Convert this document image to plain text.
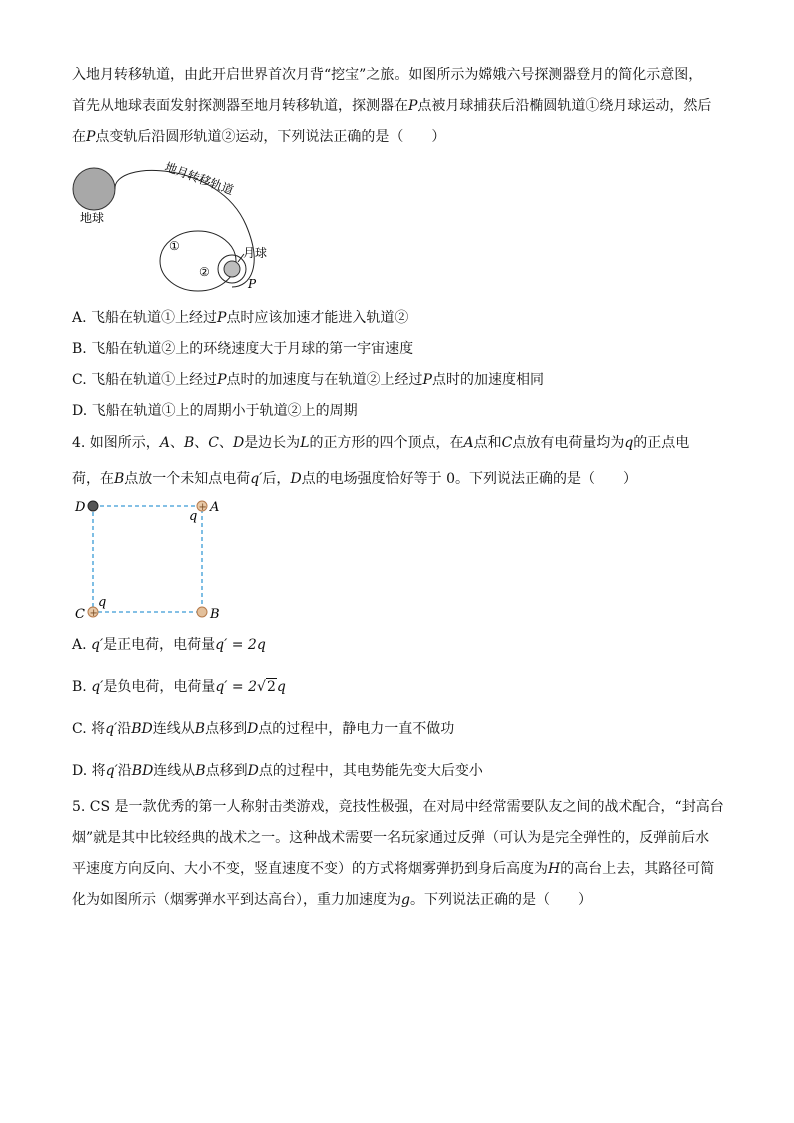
入地月转移轨道，由此开启世界首次月背“挖宝”之旅。如图所示为嫦娥六号探测器登月的简化示意图，
首先从地球表面发射探测器至地月转移轨道，探测器在P点被月球捕获后沿椭圆轨道①绕月球运动，然后
在P点变轨后沿圆形轨道②运动，下列说法正确的是（　　）
地球
地月转移轨道
月球
①
②
P
A. 飞船在轨道①上经过P点时应该加速才能进入轨道②
B. 飞船在轨道②上的环绕速度大于月球的第一宇宙速度
C. 飞船在轨道①上经过P点时的加速度与在轨道②上经过P点时的加速度相同
D. 飞船在轨道①上的周期小于轨道②上的周期
4. 如图所示，A、B、C、D是边长为L的正方形的四个顶点，在A点和C点放有电荷量均为q的正点电
荷，在B点放一个未知点电荷q′后，D点的电场强度恰好等于 0。下列说法正确的是（　　）
+
+
D	A
q
C
q
B
A. q′是正电荷，电荷量q′ = 2q
B. q′是负电荷，电荷量q′ = 2√2q
C. 将q′沿BD连线从B点移到D点的过程中，静电力一直不做功
D. 将q′沿BD连线从B点移到D点的过程中，其电势能先变大后变小
5. CS 是一款优秀的第一人称射击类游戏，竞技性极强，在对局中经常需要队友之间的战术配合，“封高台
烟”就是其中比较经典的战术之一。这种战术需要一名玩家通过反弹（可认为是完全弹性的，反弹前后水
平速度方向反向、大小不变，竖直速度不变）的方式将烟雾弹扔到身后高度为H的高台上去，其路径可简
化为如图所示（烟雾弹水平到达高台），重力加速度为g。下列说法正确的是（　　）
